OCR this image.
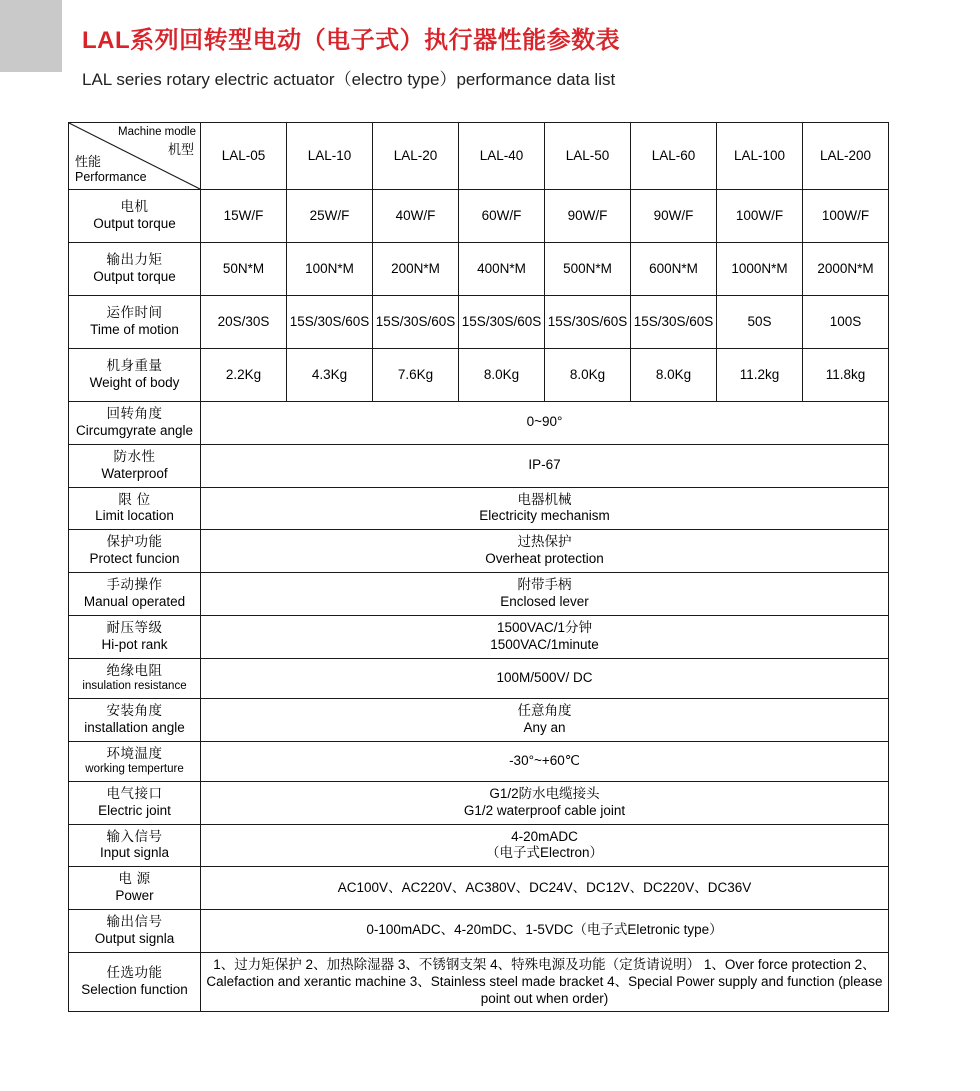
LAL系列回转型电动（电子式）执行器性能参数表
LAL series rotary electric actuator（electro type）performance data list
Machine modle
机型
性能
Performance	LAL-05	LAL-10	LAL-20	LAL-40	LAL-50	LAL-60	LAL-100	LAL-200

电机
Output torque	15W/F	25W/F	40W/F	60W/F	90W/F	90W/F	100W/F	100W/F

输出力矩
Output torque	50N*M	100N*M	200N*M	400N*M	500N*M	600N*M	1000N*M	2000N*M

运作时间
Time of motion	20S/30S	15S/30S/60S	15S/30S/60S	15S/30S/60S	15S/30S/60S	15S/30S/60S	50S	100S

机身重量
Weight of body	2.2Kg	4.3Kg	7.6Kg	8.0Kg	8.0Kg	8.0Kg	11.2kg	11.8kg

回转角度
Circumgyrate angle	0~90°							

防水性
Waterproof	IP-67							

限 位
Limit location	电器机械
Electricity mechanism							

保护功能
Protect funcion	过热保护
Overheat protection							

手动操作
Manual operated	附带手柄
Enclosed lever							

耐压等级
Hi-pot rank	1500VAC/1分钟
1500VAC/1minute							

绝缘电阻
insulation resistance	100M/500V/ DC							

安装角度
installation angle	任意角度
Any an							

环境温度
working temperture	-30°~+60℃							

电气接口
Electric joint	G1/2防水电缆接头
G1/2 waterproof cable joint							

输入信号
Input signla	4-20mADC
（电子式Electron）							

电 源
Power	AC100V、AC220V、AC380V、DC24V、DC12V、DC220V、DC36V							

输出信号
Output signla	0-100mADC、4-20mDC、1-5VDC（电子式Eletronic type）							

任选功能
Selection function	1、过力矩保护 2、加热除湿器 3、不锈钢支架 4、特殊电源及功能（定货请说明） 1、Over force protection 2、Calefaction and xerantic machine 3、Stainless steel made bracket 4、Special Power supply and function (please point out when order)							
